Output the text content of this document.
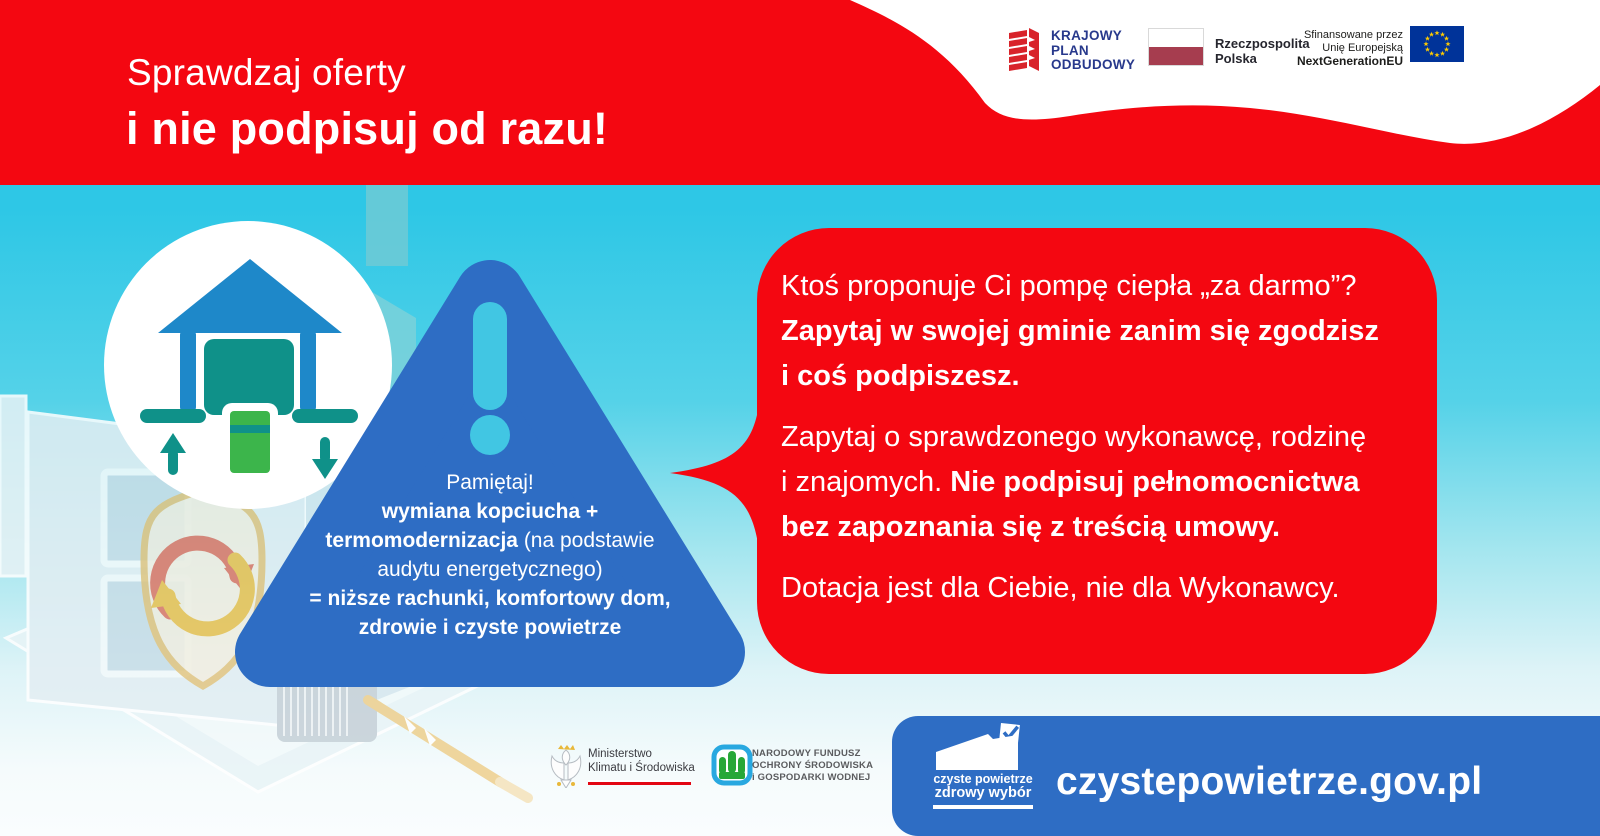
Pamiętaj!
wymiana kopciucha +
termomodernizacja (na podstawie
audytu energetycznego)
= niższe rachunki, komfortowy dom,
zdrowie i czyste powietrze
Ktoś proponuje Ci pompę ciepła „za darmo”?
Zapytaj w swojej gminie zanim się zgodzisz
i coś podpiszesz.
Zapytaj o sprawdzonego wykonawcę, rodzinę
i znajomych. Nie podpisuj pełnomocnictwa
bez zapoznania się z treścią umowy.
Dotacja jest dla Ciebie, nie dla Wykonawcy.
Sprawdzaj oferty
i nie podpisuj od razu!
KRAJOWY
PLAN
ODBUDOWY
Rzeczpospolita
Polska
Sfinansowane przez
Unię Europejską
NextGenerationEU
Ministerstwo
Klimatu i Środowiska
NARODOWY FUNDUSZ
OCHRONY ŚRODOWISKA
i GOSPODARKI WODNEJ	czyste powietrze
zdrowy wybór czystepowietrze.gov.pl
